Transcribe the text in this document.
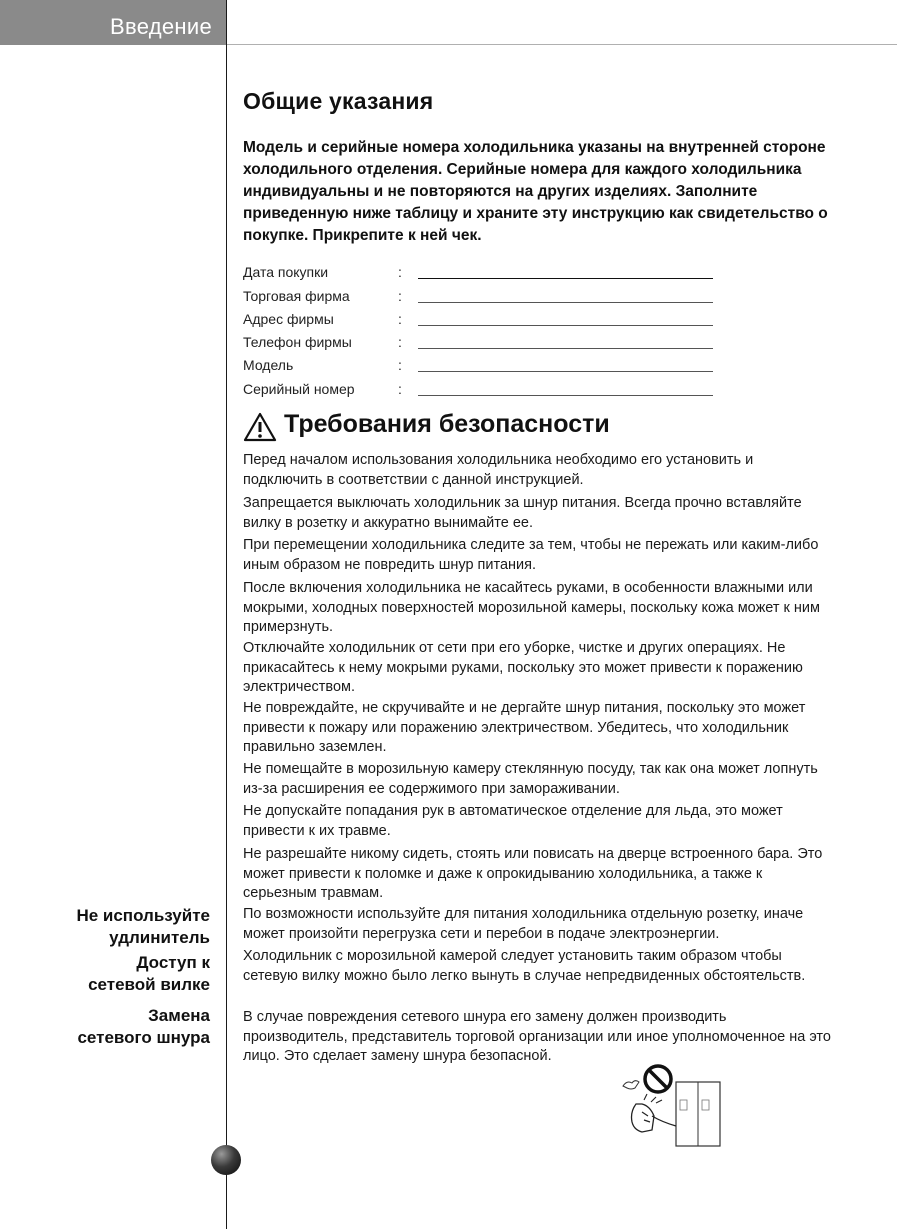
Введение
Не используйте
удлинитель
Доступ к
сетевой вилке
Замена
сетевого шнура
Общие указания

Модель и серийные номера холодильника указаны на внутренней стороне холодильного отделения. Серийные номера для каждого холодильника индивидуальны и не повторяются на других изделиях. Заполните приведенную ниже таблицу и храните эту инструкцию как свидетельство о покупке. Прикрепите к ней чек.

Дата покупки	:
Торговая фирма	:
Адрес фирмы	:
Телефон фирмы	:
Модель	:
Серийный номер	:
Требования безопасности

Перед началом использования холодильника необходимо его установить и подключить в соответствии с данной инструкцией.

Запрещается выключать холодильник за шнур питания. Всегда прочно вставляйте вилку в розетку и аккуратно вынимайте ее.

При перемещении холодильника следите за тем, чтобы не пережать или каким-либо иным образом не повредить шнур питания.

После включения холодильника не касайтесь руками, в особенности влажными или мокрыми, холодных поверхностей морозильной камеры, поскольку кожа может к ним примерзнуть.

Отключайте холодильник от сети при его уборке, чистке и других операциях. Не прикасайтесь к нему мокрыми руками, поскольку это может привести к поражению электричеством.

Не повреждайте, не скручивайте и не дергайте шнур питания, поскольку это может привести к пожару или поражению электричеством. Убедитесь, что холодильник правильно заземлен.

Не помещайте в морозильную камеру стеклянную посуду, так как она может лопнуть из-за расширения ее содержимого при замораживании.

Не допускайте попадания рук в автоматическое отделение для льда, это может привести к их травме.

Не разрешайте никому сидеть, стоять или повисать на дверце встроенного бара. Это может привести к поломке и даже к опрокидыванию холодильника, а также к серьезным травмам.

По возможности используйте для питания холодильника отдельную розетку, иначе может произойти перегрузка сети и перебои в подаче электроэнергии.

Холодильник с морозильной камерой следует установить таким образом чтобы сетевую вилку можно было легко вынуть в случае непредвиденных обстоятельств.

В случае повреждения сетевого шнура его замену должен производить производитель, представитель торговой организации или иное уполномоченное на это лицо. Это сделает замену шнура безопасной.
